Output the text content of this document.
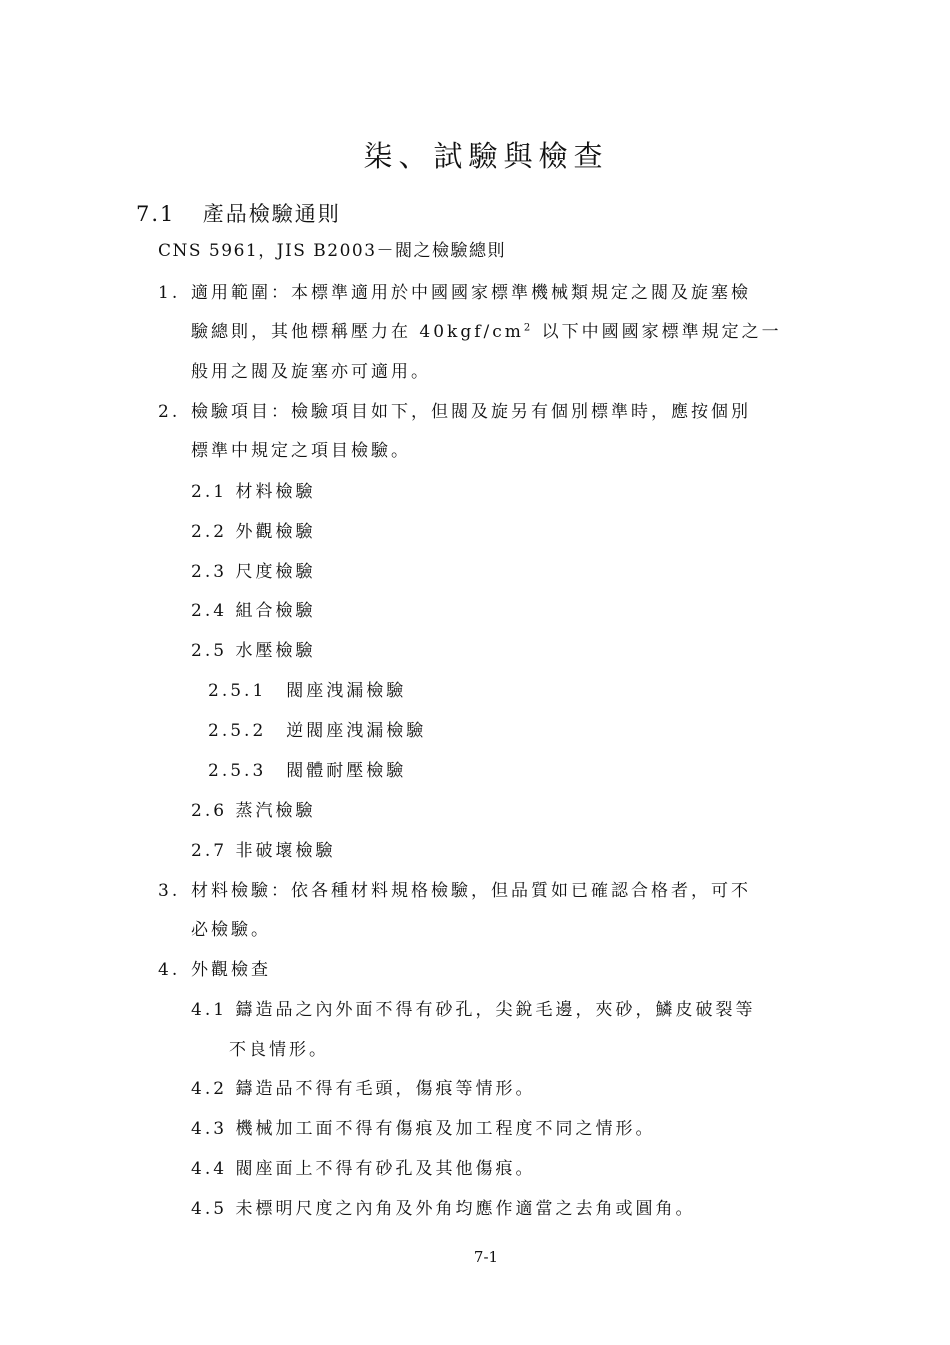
柒、試驗與檢查
7.1 產品檢驗通則
CNS 5961，JIS B2003－閥之檢驗總則
1. 適用範圍：本標準適用於中國國家標準機械類規定之閥及旋塞檢
驗總則，其他標稱壓力在 $40kgf/cm^2$ 以下中國國家標準規定之一
般用之閥及旋塞亦可適用。
2. 檢驗項目：檢驗項目如下，但閥及旋另有個別標準時，應按個別
標準中規定之項目檢驗。
2.1 材料檢驗
2.2 外觀檢驗
2.3 尺度檢驗
2.4 組合檢驗
2.5 水壓檢驗
2.5.1　閥座洩漏檢驗
2.5.2　逆閥座洩漏檢驗
2.5.3　閥體耐壓檢驗
2.6 蒸汽檢驗
2.7 非破壞檢驗
3. 材料檢驗：依各種材料規格檢驗，但品質如已確認合格者，可不
必檢驗。
4. 外觀檢查
4.1 鑄造品之內外面不得有砂孔，尖銳毛邊，夾砂，鱗皮破裂等
不良情形。
4.2 鑄造品不得有毛頭，傷痕等情形。
4.3 機械加工面不得有傷痕及加工程度不同之情形。
4.4 閥座面上不得有砂孔及其他傷痕。
4.5 未標明尺度之內角及外角均應作適當之去角或圓角。
7-1
